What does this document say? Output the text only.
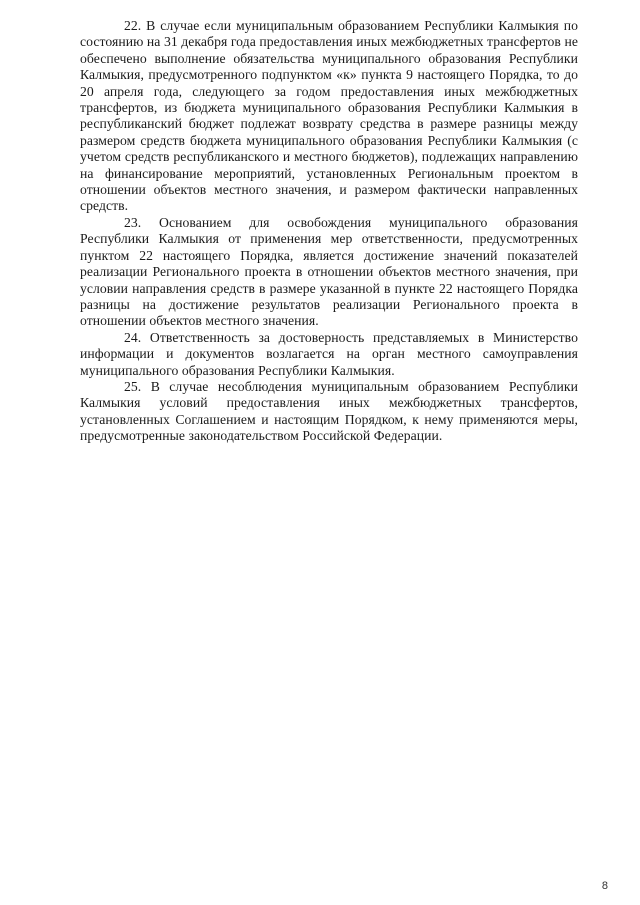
22. В случае если муниципальным образованием Республики Калмыкия по состоянию на 31 декабря года предоставления иных межбюджетных трансфертов не обеспечено выполнение обязательства муниципального образования Республики Калмыкия, предусмотренного подпунктом «к» пункта 9 настоящего Порядка, то до 20 апреля года, следующего за годом предоставления иных межбюджетных трансфертов, из бюджета муниципального образования Республики Калмыкия в республиканский бюджет подлежат возврату средства в размере разницы между размером средств бюджета муниципального образования Республики Калмыкия (с учетом средств республиканского и местного бюджетов), подлежащих направлению на финансирование мероприятий, установленных Региональным проектом в отношении объектов местного значения, и размером фактически направленных средств.

23. Основанием для освобождения муниципального образования Республики Калмыкия от применения мер ответственности, предусмотренных пунктом 22 настоящего Порядка, является достижение значений показателей реализации Регионального проекта в отношении объектов местного значения, при условии направления средств в размере указанной в пункте 22 настоящего Порядка разницы на достижение результатов реализации Регионального проекта в отношении объектов местного значения.

24. Ответственность за достоверность представляемых в Министерство информации и документов возлагается на орган местного самоуправления муниципального образования Республики Калмыкия.

25. В случае несоблюдения муниципальным образованием Республики Калмыкия условий предоставления иных межбюджетных трансфертов, установленных Соглашением и настоящим Порядком, к нему применяются меры, предусмотренные законодательством Российской Федерации.

8
